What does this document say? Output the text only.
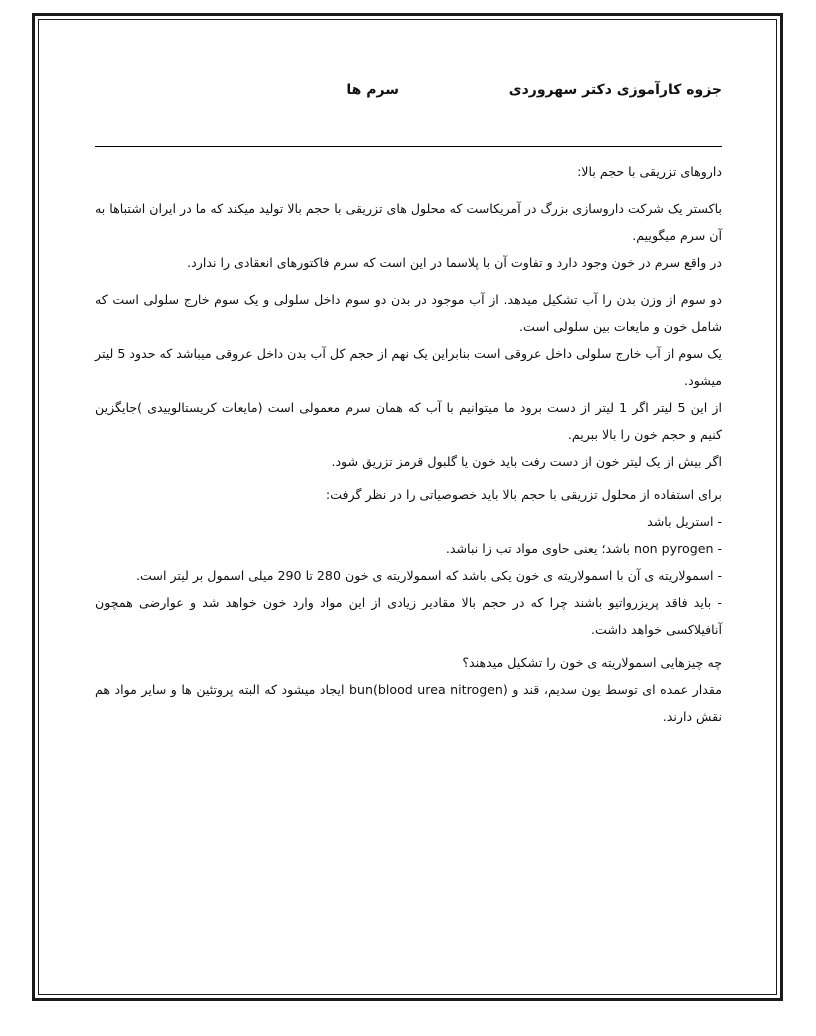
جزوه کارآموزی دکتر سهروردی
سرم ها

داروهای تزریقی با حجم بالا:

باکستر یک شرکت داروسازی بزرگ در آمریکاست که محلول های تزریقی با حجم بالا تولید میکند که ما در ایران اشتباها به آن سرم میگوییم.

در واقع سرم در خون وجود دارد و تفاوت آن با پلاسما در این است که سرم فاکتورهای انعقادی را ندارد.

دو سوم از وزن بدن را آب تشکیل میدهد. از آب موجود در بدن دو سوم داخل سلولی و یک سوم خارج سلولی است که شامل خون و مایعات بین سلولی است.

یک سوم از آب خارج سلولی داخل عروقی است بنابراین یک نهم از حجم کل آب بدن داخل عروقی میباشد که حدود 5 لیتر میشود.

از این 5 لیتر اگر 1 لیتر از دست برود ما میتوانیم با آب که همان سرم معمولی است (مایعات کریستالوییدی )جایگزین کنیم و حجم خون را بالا ببریم.

اگر بیش از یک لیتر خون از دست رفت باید خون یا گلبول قرمز تزریق شود.

برای استفاده از محلول تزریقی با حجم بالا باید خصوصیاتی را در نظر گرفت:

- استریل باشد

- non pyrogen باشد؛ یعنی حاوی مواد تب زا نباشد.

- اسمولاریته ی آن با اسمولاریته ی خون یکی باشد که اسمولاریته ی خون 280 تا 290 میلی اسمول بر لیتر است.

- باید فاقد پریزرواتیو باشند چرا که در حجم بالا مقادیر زیادی از این مواد وارد خون خواهد شد و عوارضی همچون آنافیلاکسی خواهد داشت.

چه چیزهایی اسمولاریته ی خون را تشکیل میدهند؟

مقدار عمده ای توسط یون سدیم، قند و bun(blood urea nitrogen) ایجاد میشود که البته پروتئین ها و سایر مواد هم نقش دارند.
